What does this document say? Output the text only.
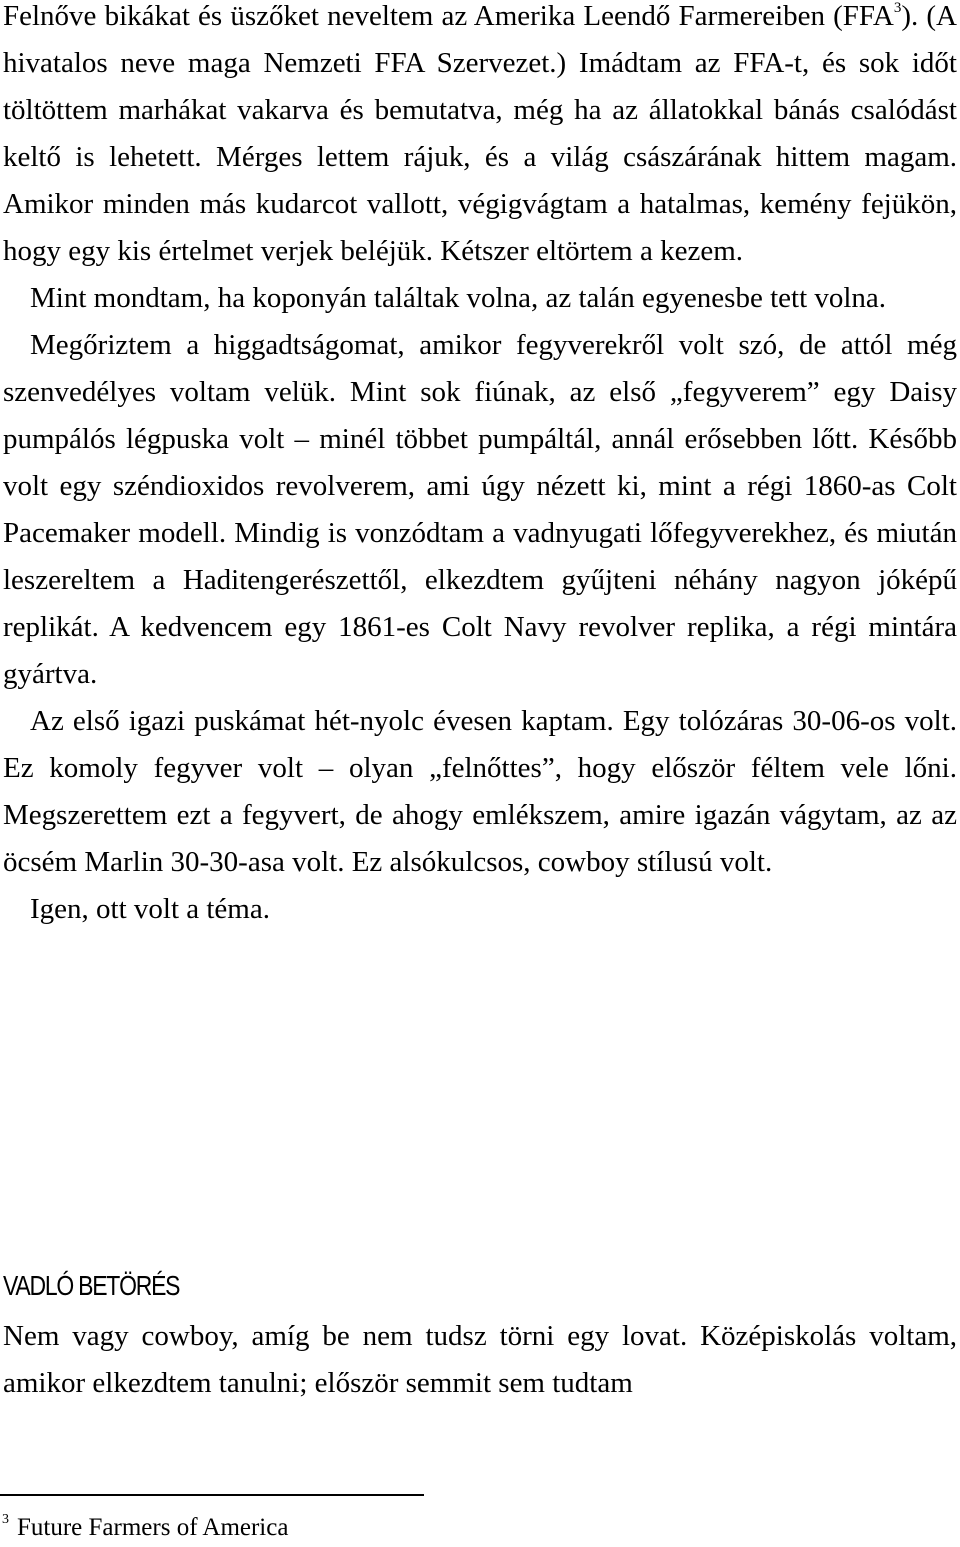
Felnőve bikákat és üszőket neveltem az Amerika Leendő Farmereiben (FFA$^3$). (A hivatalos neve maga Nemzeti FFA Szervezet.) Imádtam az FFA-t, és sok időt töltöttem marhákat vakarva és bemutatva, még ha az állatokkal bánás csalódást keltő is lehetett. Mérges lettem rájuk, és a világ császárának hittem magam. Amikor minden más kudarcot vallott, végigvágtam a hatalmas, kemény fejükön, hogy egy kis értelmet verjek beléjük. Kétszer eltörtem a kezem.

Mint mondtam, ha koponyán találtak volna, az talán egyenesbe tett volna.

Megőriztem a higgadtságomat, amikor fegyverekről volt szó, de attól még szenvedélyes voltam velük. Mint sok fiúnak, az első „fegyverem” egy Daisy pumpálós légpuska volt – minél többet pumpáltál, annál erősebben lőtt. Később volt egy széndioxidos revolverem, ami úgy nézett ki, mint a régi 1860-as Colt Pacemaker modell. Mindig is vonzódtam a vadnyugati lőfegyverekhez, és miután leszereltem a Haditengerészettől, elkezdtem gyűjteni néhány nagyon jóképű replikát. A kedvencem egy 1861-es Colt Navy revolver replika, a régi mintára gyártva.

Az első igazi puskámat hét-nyolc évesen kaptam. Egy tolózáras 30-06-os volt. Ez komoly fegyver volt – olyan „felnőttes”, hogy először féltem vele lőni. Megszerettem ezt a fegyvert, de ahogy emlékszem, amire igazán vágytam, az az öcsém Marlin 30-30-asa volt. Ez alsókulcsos, cowboy stílusú volt.

Igen, ott volt a téma.

VADLÓ BETÖRÉS

Nem vagy cowboy, amíg be nem tudsz törni egy lovat. Középiskolás voltam, amikor elkezdtem tanulni; először semmit sem tudtam

$^3$ Future Farmers of America
